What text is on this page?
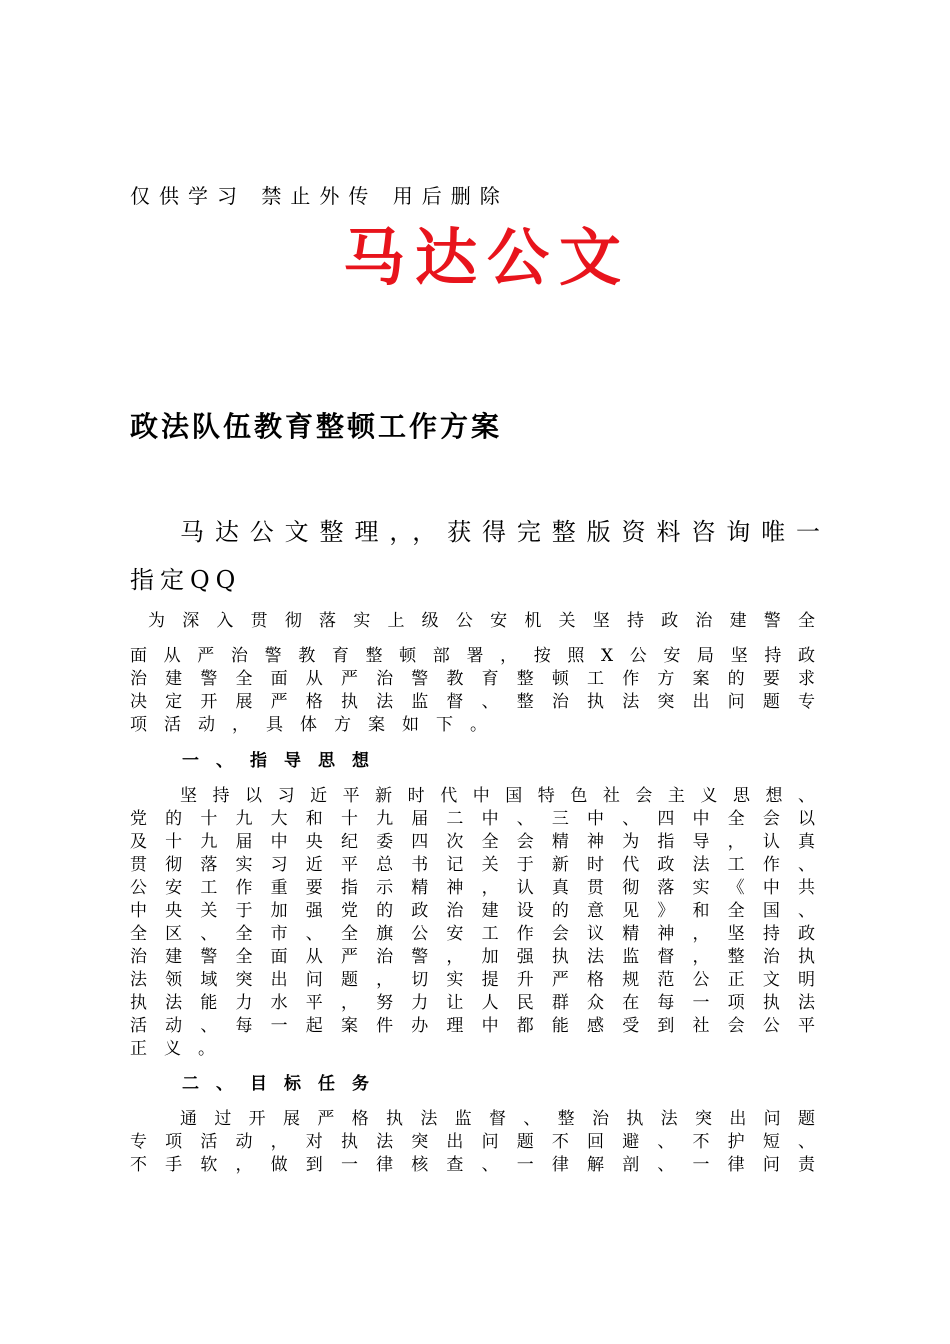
仅供学习 禁止外传 用后删除
马达公文
政法队伍教育整顿工作方案
马达公文整理，，获得完整版资料咨询唯一
指定QQ
为深入贯彻落实上级公安机关坚持政治建警全
面从严治警教育整顿部署，按照X公安局坚持政
治建警全面从严治警教育整顿工作方案的要求
决定开展严格执法监督、整治执法突出问题专
项活动，具体方案如下。
一、指导思想
坚持以习近平新时代中国特色社会主义思想、
党的十九大和十九届二中、三中、四中全会以
及十九届中央纪委四次全会精神为指导，认真
贯彻落实习近平总书记关于新时代政法工作、
公安工作重要指示精神，认真贯彻落实《中共
中央关于加强党的政治建设的意见》和全国、
全区、全市、全旗公安工作会议精神，坚持政
治建警全面从严治警，加强执法监督，整治执
法领域突出问题，切实提升严格规范公正文明
执法能力水平，努力让人民群众在每一项执法
活动、每一起案件办理中都能感受到社会公平
正义。
二、目标任务
通过开展严格执法监督、整治执法突出问题
专项活动，对执法突出问题不回避、不护短、
不手软，做到一律核查、一律解剖、一律问责
